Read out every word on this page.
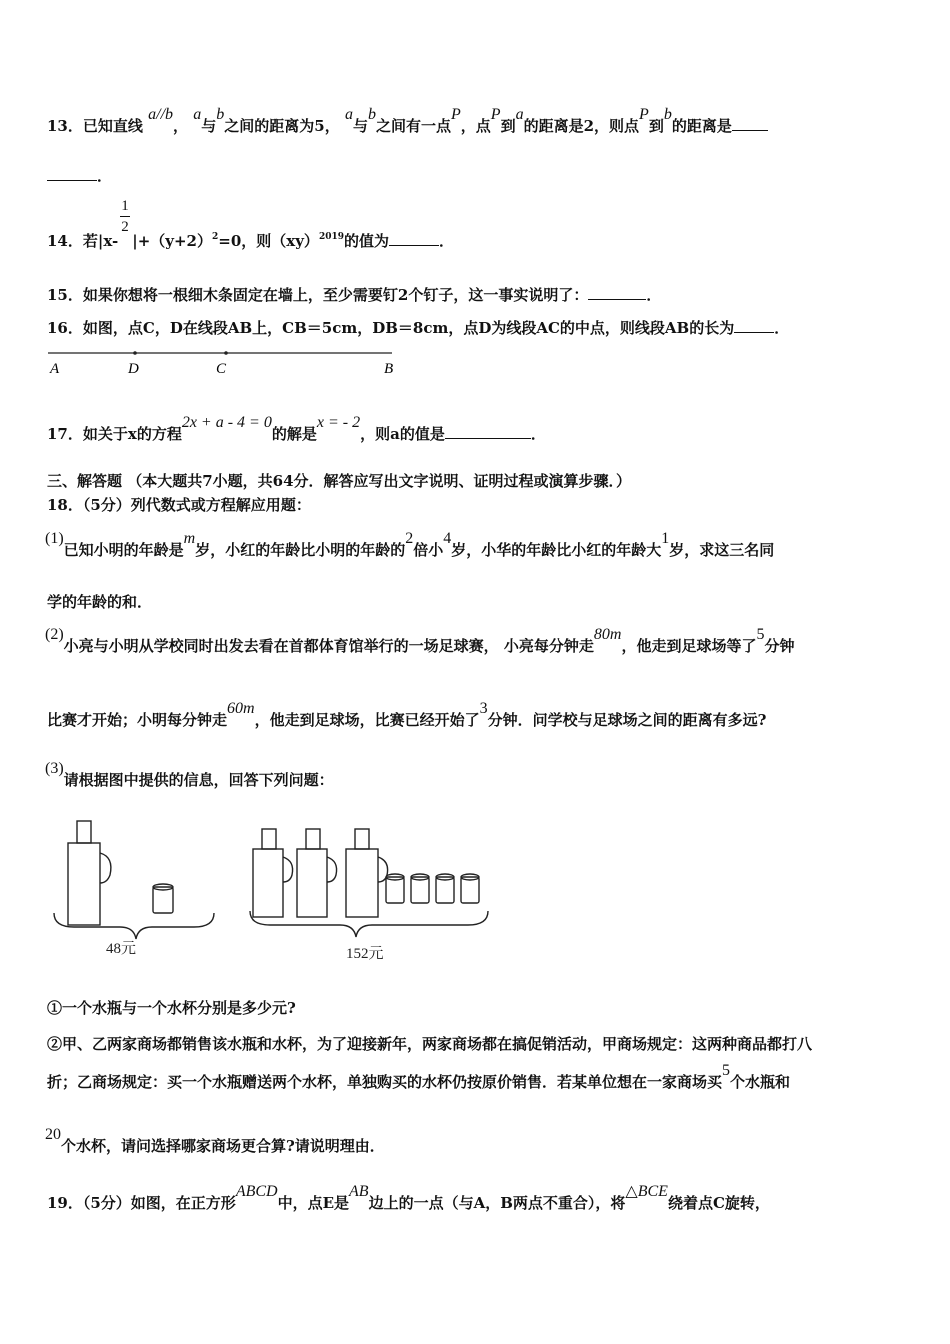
13．已知直线 a//b， a与b之间的距离为5， a与b之间有一点P，点P到a的距离是2，则点P到b的距离是
．
14．若$|x- \frac{1}{2} |+(y+2)^2=0$，则（xy）$^{2019}$的值为	．
15．如果你想将一根细木条固定在墙上，至少需要钉2个钉子，这一事实说明了：	．
16．如图，点C，D在线段AB上，CB＝5cm，DB＝8cm，点D为线段AC的中点，则线段AB的长为	．
A	D	C	B
17．如关于x的方程2x + a - 4 = 0的解是x = - 2，则a的值是	．
三、解答题 （本大题共7小题，共64分．解答应写出文字说明、证明过程或演算步骤．）
18．（5分）列代数式或方程解应用题：
(1)已知小明的年龄是m岁，小红的年龄比小明的年龄的2倍小4岁，小华的年龄比小红的年龄大1岁，求这三名同
学的年龄的和．
(2)小亮与小明从学校同时出发去看在首都体育馆举行的一场足球赛， 小亮每分钟走80m，他走到足球场等了5分钟
比赛才开始；小明每分钟走60m，他走到足球场，比赛已经开始了3分钟．问学校与足球场之间的距离有多远?
(3)请根据图中提供的信息，回答下列问题：
48元	152元
①一个水瓶与一个水杯分别是多少元?
②甲、乙两家商场都销售该水瓶和水杯，为了迎接新年，两家商场都在搞促销活动，甲商场规定：这两种商品都打八
折；乙商场规定：买一个水瓶赠送两个水杯，单独购买的水杯仍按原价销售．若某单位想在一家商场买5个水瓶和
20个水杯，请问选择哪家商场更合算?请说明理由．
19．（5分）如图，在正方形ABCD中，点E是AB边上的一点（与A，B两点不重合），将△BCE绕着点C旋转，
